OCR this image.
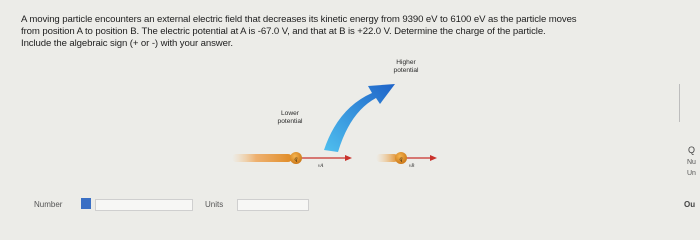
A moving particle encounters an external electric field that decreases its kinetic energy from 9390 eV to 6100 eV as the particle moves
from position A to position B. The electric potential at A is -67.0 V, and that at B is +22.0 V. Determine the charge of the particle.
Include the algebraic sign (+ or -) with your answer.
q	q
vA	vB
Higher
potential
Lower
potential
Q
Nu
Un
Ou
Number	Units
